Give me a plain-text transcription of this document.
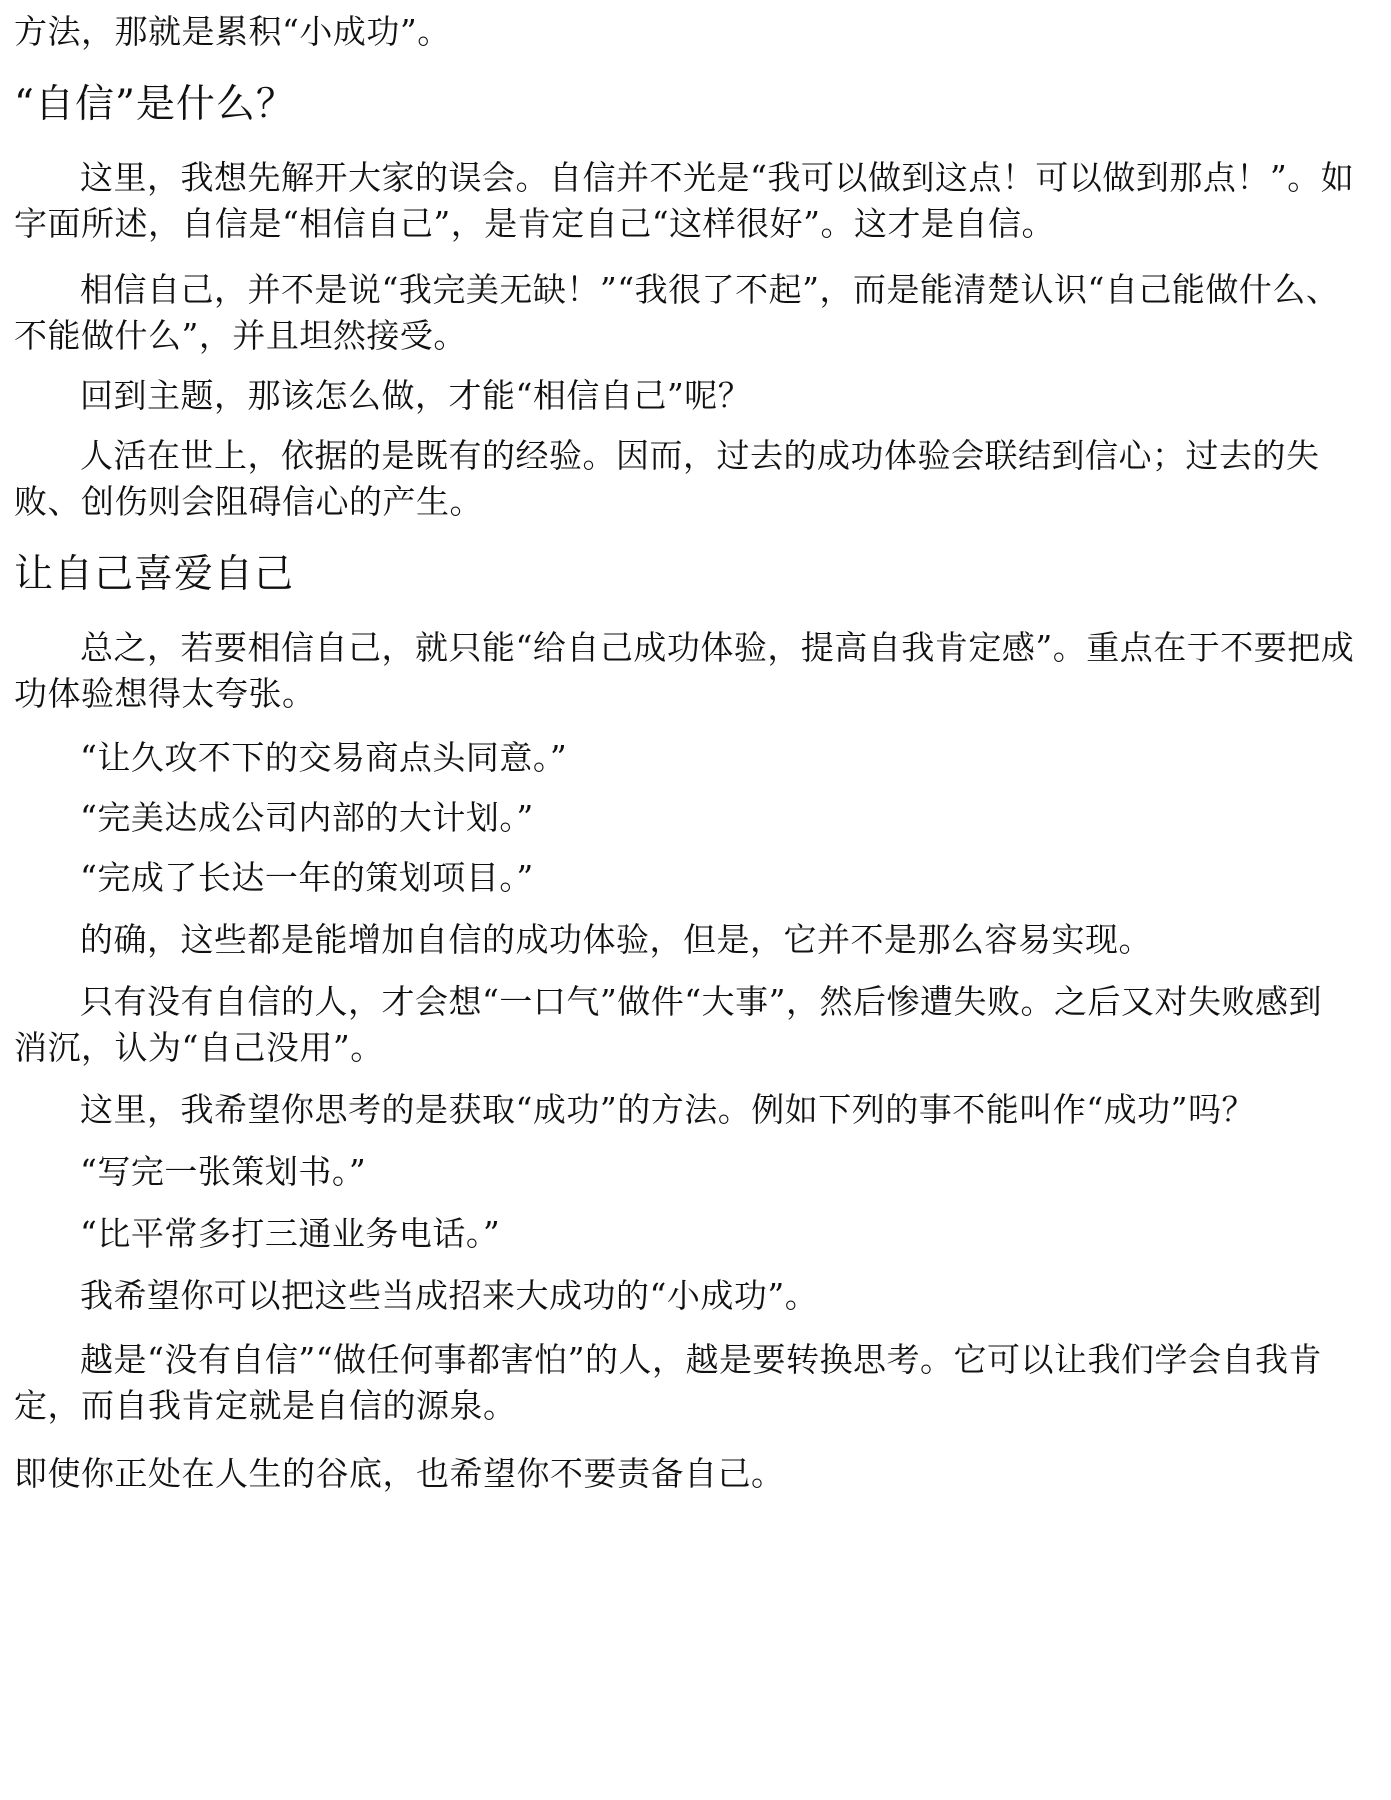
方法，那就是累积“小成功”。

“自信”是什么？

这里，我想先解开大家的误会。自信并不光是“我可以做到这点！可以做到那点！”。如

字面所述，自信是“相信自己”，是肯定自己“这样很好”。这才是自信。

相信自己，并不是说“我完美无缺！”“我很了不起”，而是能清楚认识“自己能做什么、

不能做什么”，并且坦然接受。

回到主题，那该怎么做，才能“相信自己”呢？

人活在世上，依据的是既有的经验。因而，过去的成功体验会联结到信心；过去的失

败、创伤则会阻碍信心的产生。

让自己喜爱自己

总之，若要相信自己，就只能“给自己成功体验，提高自我肯定感”。重点在于不要把成

功体验想得太夸张。

“让久攻不下的交易商点头同意。”

“完美达成公司内部的大计划。”

“完成了长达一年的策划项目。”

的确，这些都是能增加自信的成功体验，但是，它并不是那么容易实现。

只有没有自信的人，才会想“一口气”做件“大事”，然后惨遭失败。之后又对失败感到

消沉，认为“自己没用”。

这里，我希望你思考的是获取“成功”的方法。例如下列的事不能叫作“成功”吗？

“写完一张策划书。”

“比平常多打三通业务电话。”

我希望你可以把这些当成招来大成功的“小成功”。

越是“没有自信”“做任何事都害怕”的人，越是要转换思考。它可以让我们学会自我肯

定，而自我肯定就是自信的源泉。

即使你正处在人生的谷底，也希望你不要责备自己。
